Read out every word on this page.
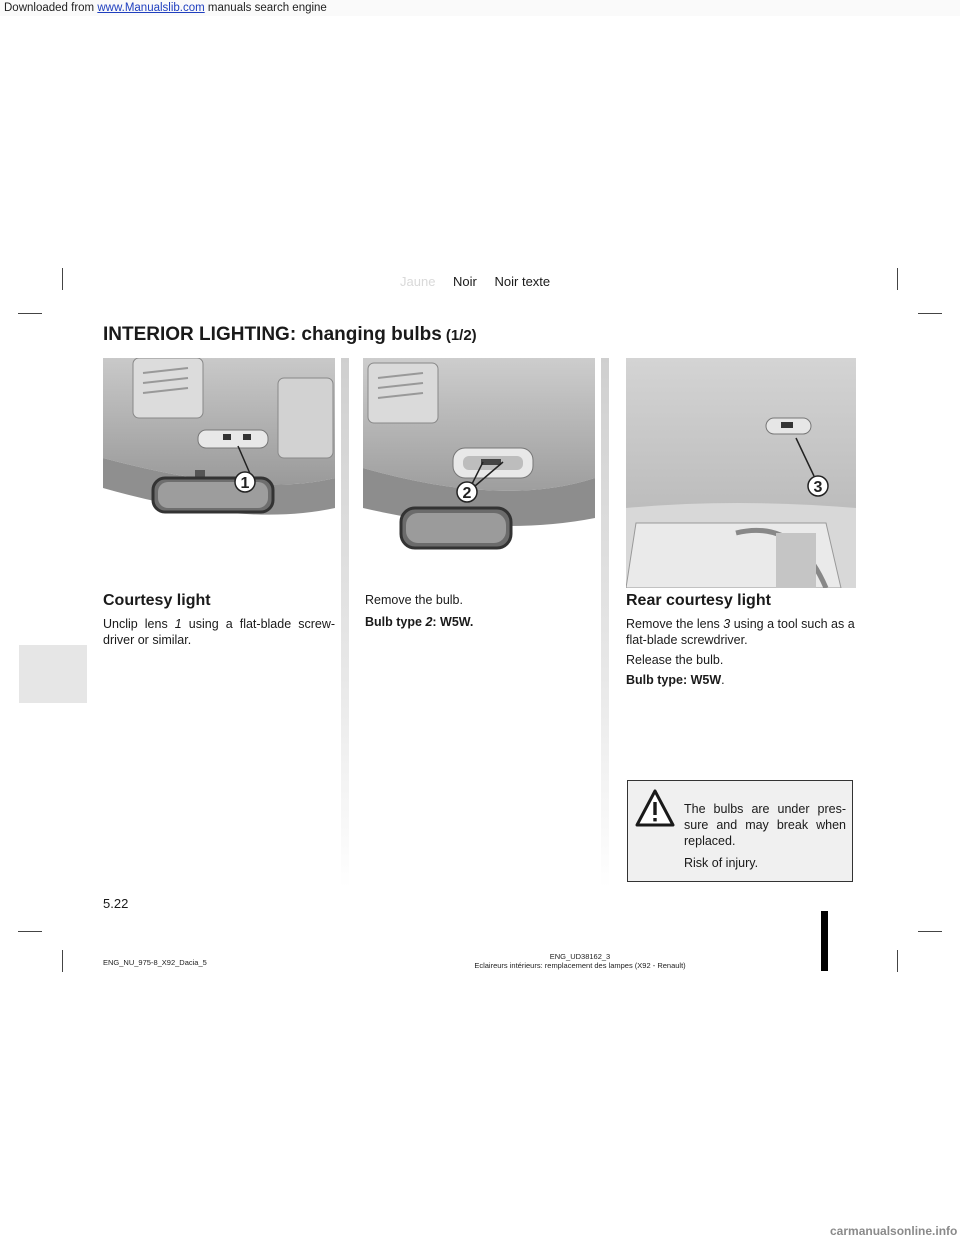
Downloaded from www.Manualslib.com manuals search engine
Jaune Noir Noir texte
INTERIOR LIGHTING: changing bulbs (1/2)
1
2	3
Courtesy light

Unclip lens 1 using a flat-blade screw-driver or similar.

Remove the bulb.

Bulb type 2: W5W.

Rear courtesy light

Remove the lens 3 using a tool such as a flat-blade screwdriver.

Release the bulb.

Bulb type: W5W.

The bulbs are under pres-sure and may break when replaced.

Risk of injury.

5.22
ENG_NU_975-8_X92_Dacia_5
ENG_UD38162_3
Eclaireurs intérieurs: remplacement des lampes (X92 - Renault)
carmanualsonline.info
